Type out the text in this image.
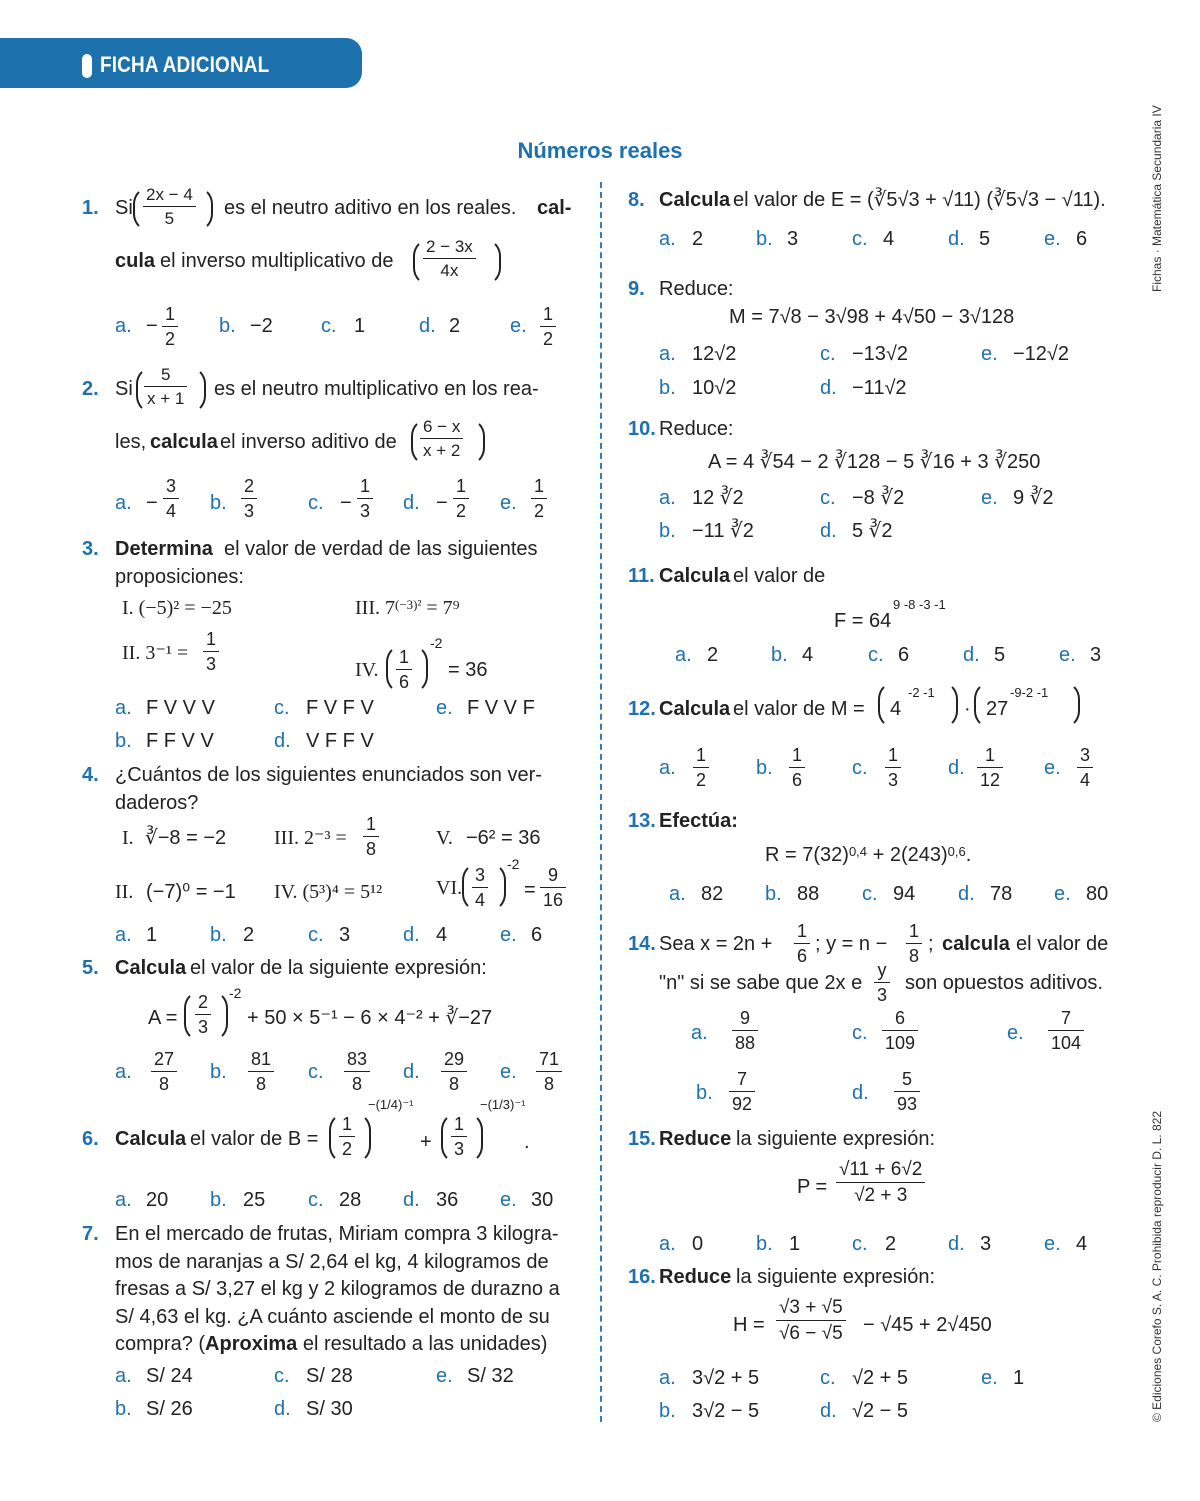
FICHA ADICIONAL
Números reales	Fichas · Matemática Secundaria IV
© Ediciones Corefo S. A. C. Prohibida reproducir D. L. 822
1. Si $\frac{2x - 4}{5}$ es el neutro aditivo en los reales. cal-
cula el inverso multiplicativo de $\frac{2 - 3x}{4x}$
a. − $\frac{1}{2} b$. −2 c. 1	d. 2 e. $\frac{1}{2}$
2. Si $\frac{5}{x + 1}$ es el neutro multiplicativo en los rea-
les, calcula el inverso aditivo de $\frac{6 - x}{x + 2}$
a. − $\frac{3}{4} b$. $\frac{2}{3}$	c. − $\frac{1}{3} d$. − $\frac{1}{2} e$. $\frac{1}{2}$
3. Determina el valor de verdad de las siguientes
proposiciones:
I. (−5)² = −25	III. $7^{(-3)^2} = 7^9$
II. $3^{-1} = \frac{1}{3}$	IV. $\frac{1}{6}$
-2
= 36
a. F V V V	c. F V F V	e. F V V F
b. F F V V	d. V F F V
4. ¿Cuántos de los siguientes enunciados son ver-
daderos?
I. ∛−8 = −2 III. $2^{-3} = \frac{1}{8}$	V. −6² = 36
II. (−7)⁰ = −1 IV. (5³)⁴ = 5¹²	VI. $\frac{3}{4}$
-2
= $\frac{9}{16}$
a. 1	b. 2	c. 3	d. 4	e. 6
5. Calcula el valor de la siguiente expresión:
$A = \frac{2}{3} -2$
+ 50 × 5⁻¹ − 6 × 4⁻² + ∛−27
a. $\frac{27}{8} b$. $\frac{81}{8} c$. $\frac{83}{8} d$. $\frac{29}{8} e$. $\frac{71}{8}$
6. Calcula el valor de $B = \frac{1}{2}$
−(1/4)⁻¹
+ $\frac{1}{3}$
−(1/3)⁻¹
.
a. 20 b. 25 c. 28 d. 36 e. 30
7. En el mercado de frutas, Miriam compra 3 kilogra-
mos de naranjas a S/ 2,64 el kg, 4 kilogramos de
fresas a S/ 3,27 el kg y 2 kilogramos de durazno a
S/ 4,63 el kg. ¿A cuánto asciende el monto de su
compra? (Aproxima el resultado a las unidades)
a. S/ 24	c. S/ 28	e. S/ 32
b. S/ 26	d. S/ 30
8. Calcula el valor de E = (∛5√3 + √11) (∛5√3 − √11).
a. 2	b. 3	c. 4	d. 5	e. 6
9. Reduce:
M = 7√8 − 3√98 + 4√50 − 3√128
a. 12√2	c. −13√2	e. −12√2
b. 10√2	d. −11√2
10. Reduce:
A = 4 ∛54 − 2 ∛128 − 5 ∛16 + 3 ∛250
a. 12 ∛2	c. −8 ∛2	e. 9 ∛2
b. −11 ∛2	d. 5 ∛2
11. Calcula el valor de
F = 64
9 -8 -3 -1
a. 2	b. 4	c. 6	d. 5	e. 3
12. Calcula el valor de M = 4
-2 -1
· 27
-9-2 -1
a. $\frac{1}{2} b$. $\frac{1}{6} c$. $\frac{1}{3} d$. $\frac{1}{12} e$. $\frac{3}{4}$
13. Efectúa:
$R = 7(32)^{0,4} + 2(243)^{0,6}$.
a. 82 b. 88 c. 94 d. 78 e. 80
14. Sea $x = 2n + \frac{1}{6}$ ; $y = n - \frac{1}{8}$ ; calcula el valor de
"n" si se sabe que 2x e $\frac{y}{3}$ son opuestos aditivos.
a. $\frac{9}{88}$	c. $\frac{6}{109}$	e. $\frac{7}{104}$
b. $\frac{7}{92}$	d. $\frac{5}{93}$
15. Reduce la siguiente expresión:
$P = \frac{√11 + 6√2}{√2 + 3}$
a. 0	b. 1	c. 2	d. 3	e. 4
16. Reduce la siguiente expresión:
$H = \frac{√3 + √5}{√6 - √5} - √45 + 2√450$
a. 3√2 + 5	c. √2 + 5	e. 1
b. 3√2 − 5	d. √2 − 5
